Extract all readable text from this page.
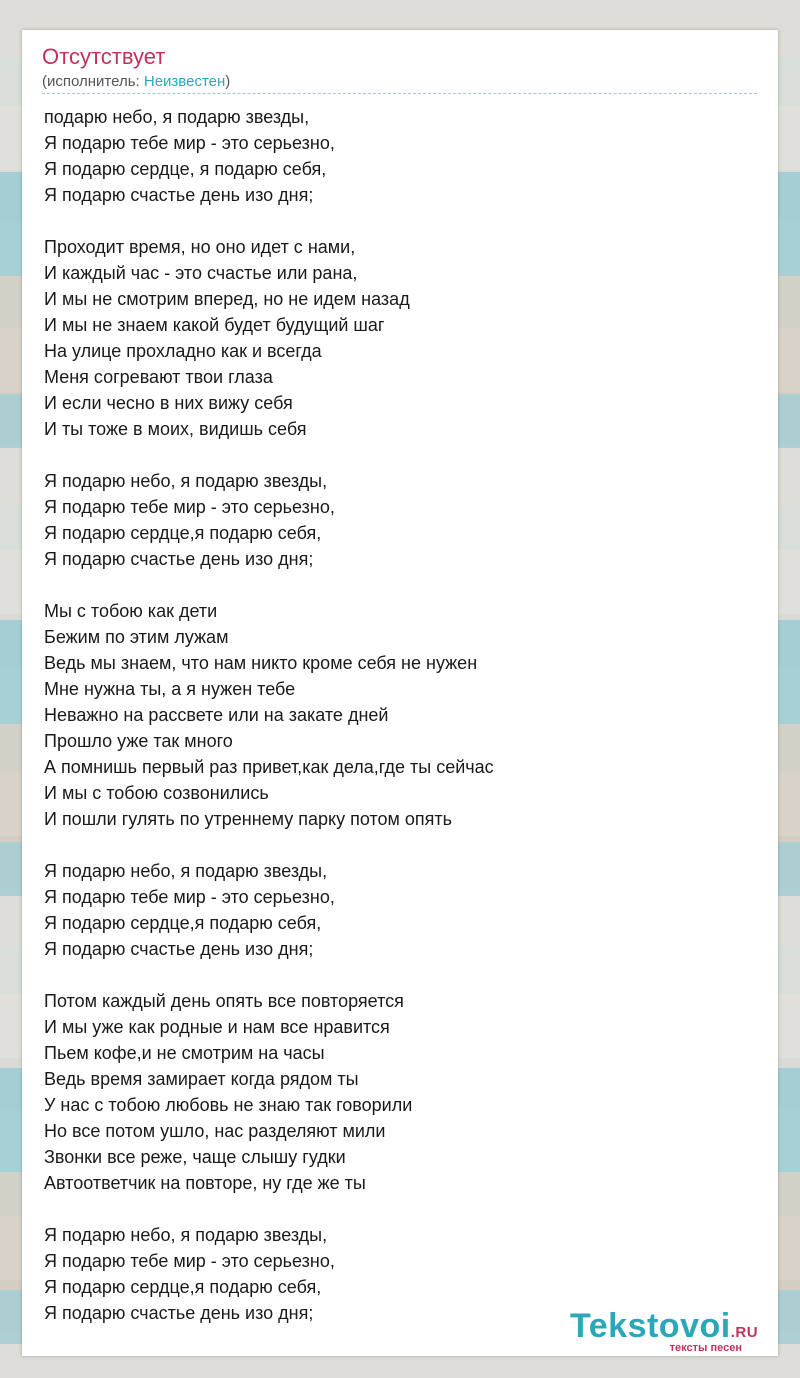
Отсутствует
(исполнитель: Неизвестен)
подарю небо, я подарю звезды,
Я подарю тебе мир - это серьезно,
Я подарю сердце, я подарю себя,
Я подарю счастье день изо дня;
Проходит время, но оно идет с нами,
И каждый час - это счастье или рана,
И мы не смотрим вперед, но не идем назад
И мы не знаем какой будет будущий шаг
На улице прохладно как и всегда
Меня согревают твои глаза
И если чесно в них вижу себя
И ты тоже в моих, видишь себя
Я подарю небо, я подарю звезды,
Я подарю тебе мир - это серьезно,
Я подарю сердце,я подарю себя,
Я подарю счастье день изо дня;
Мы с тобою как дети
Бежим по этим лужам
Ведь мы знаем, что нам никто кроме себя не нужен
Мне нужна ты, а я нужен тебе
Неважно на рассвете или на закате дней
Прошло уже так много
А помнишь первый раз привет,как дела,где ты сейчас
И мы с тобою созвонились
И пошли гулять по утреннему парку потом опять
Я подарю небо, я подарю звезды,
Я подарю тебе мир - это серьезно,
Я подарю сердце,я подарю себя,
Я подарю счастье день изо дня;
Потом каждый день опять все повторяется
И мы уже как родные и нам все нравится
Пьем кофе,и не смотрим на часы
Ведь время замирает когда рядом ты
У нас с тобою любовь не знаю так говорили
Но все потом ушло, нас разделяют мили
Звонки все реже, чаще слышу гудки
Автоответчик на повторе, ну где же ты
Я подарю небо, я подарю звезды,
Я подарю тебе мир - это серьезно,
Я подарю сердце,я подарю себя,
Я подарю счастье день изо дня;	Tekstovoi.RU
тексты песен
